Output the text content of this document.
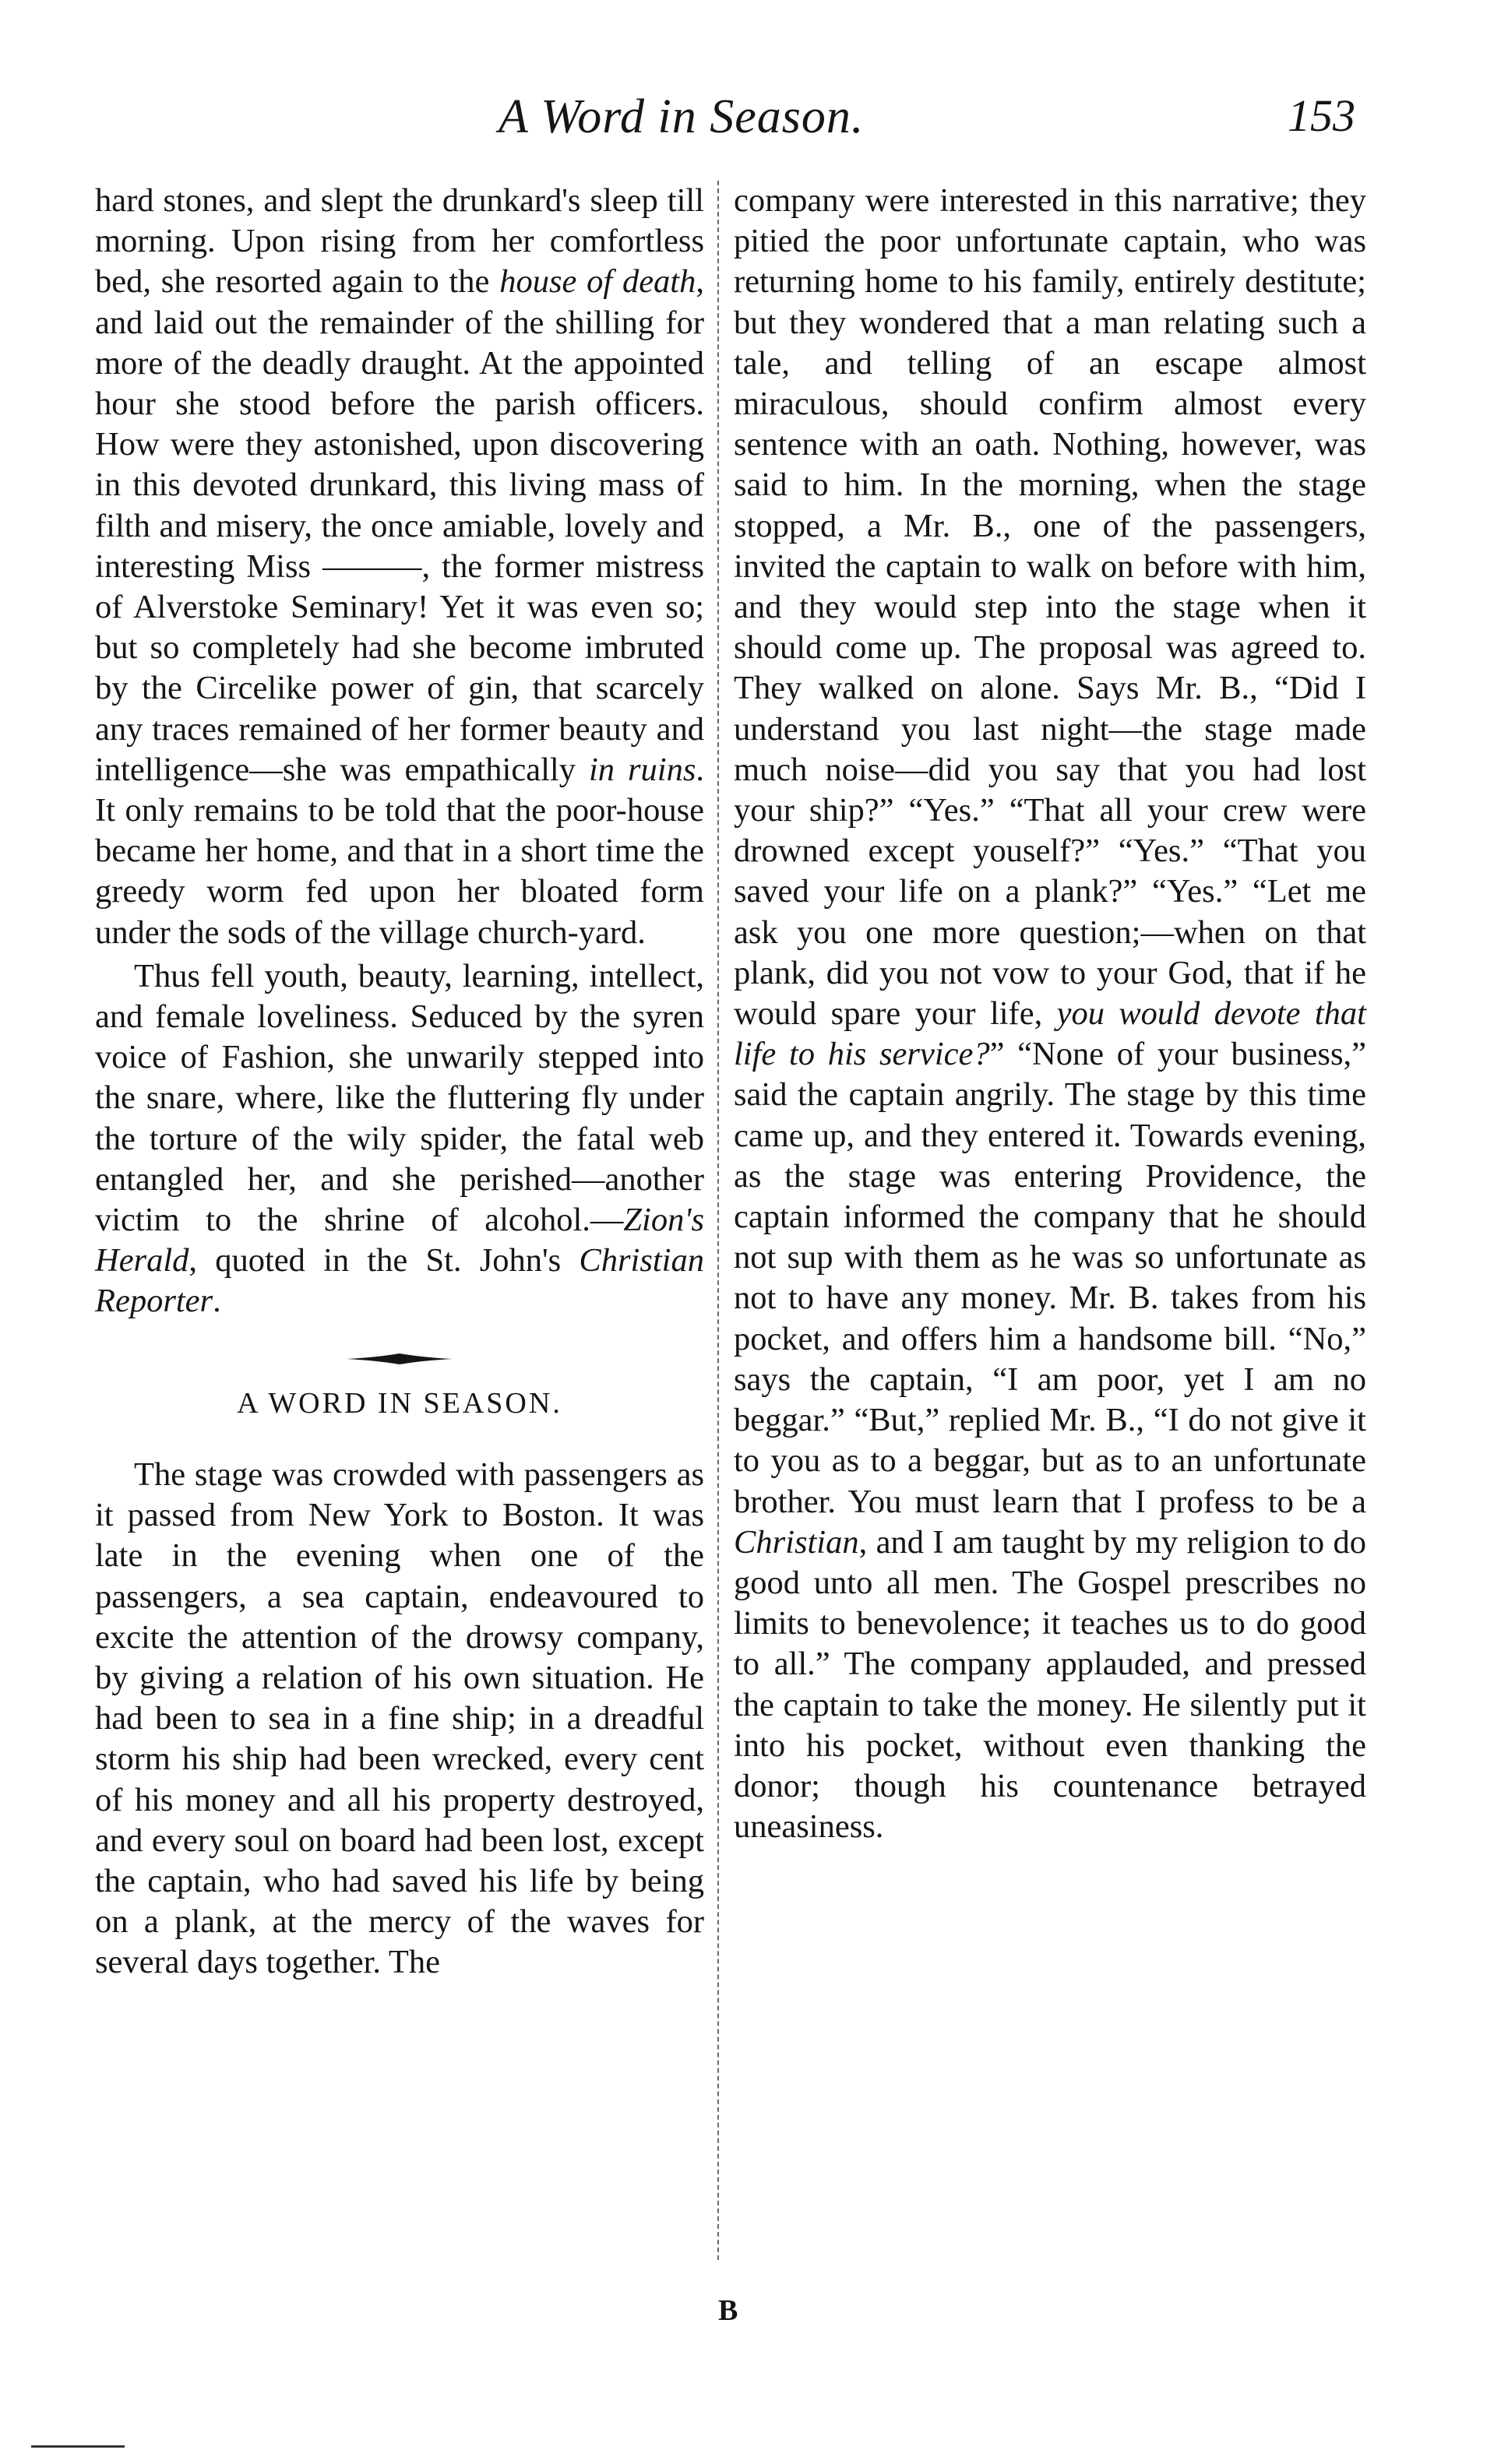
A Word in Season.	153

hard stones, and slept the drunkard's sleep till morning. Upon rising from her comfortless bed, she resorted again to the house of death, and laid out the remainder of the shilling for more of the deadly draught. At the appointed hour she stood before the parish officers. How were they astonished, upon discovering in this devoted drunkard, this living mass of filth and misery, the once amiable, lovely and interesting Miss ———, the former mistress of Alverstoke Seminary! Yet it was even so; but so completely had she become imbruted by the Circelike power of gin, that scarcely any traces remained of her former beauty and intelligence—she was empathically in ruins. It only remains to be told that the poor-house became her home, and that in a short time the greedy worm fed upon her bloated form under the sods of the village church-yard.

Thus fell youth, beauty, learning, intellect, and female loveliness. Seduced by the syren voice of Fashion, she unwarily stepped into the snare, where, like the fluttering fly under the torture of the wily spider, the fatal web entangled her, and she perished—another victim to the shrine of alcohol.—Zion's Herald, quoted in the St. John's Christian Reporter.

A WORD IN SEASON.

The stage was crowded with passengers as it passed from New York to Boston. It was late in the evening when one of the passengers, a sea captain, endeavoured to excite the attention of the drowsy company, by giving a relation of his own situation. He had been to sea in a fine ship; in a dreadful storm his ship had been wrecked, every cent of his money and all his property destroyed, and every soul on board had been lost, except the captain, who had saved his life by being on a plank, at the mercy of the waves for several days together. The

company were interested in this narrative; they pitied the poor unfortunate captain, who was returning home to his family, entirely destitute; but they wondered that a man relating such a tale, and telling of an escape almost miraculous, should confirm almost every sentence with an oath. Nothing, however, was said to him. In the morning, when the stage stopped, a Mr. B., one of the passengers, invited the captain to walk on before with him, and they would step into the stage when it should come up. The proposal was agreed to. They walked on alone. Says Mr. B., “Did I understand you last night—the stage made much noise—did you say that you had lost your ship?” “Yes.” “That all your crew were drowned except youself?” “Yes.” “That you saved your life on a plank?” “Yes.” “Let me ask you one more question;—when on that plank, did you not vow to your God, that if he would spare your life, you would devote that life to his service?” “None of your business,” said the captain angrily. The stage by this time came up, and they entered it. Towards evening, as the stage was entering Providence, the captain informed the company that he should not sup with them as he was so unfortunate as not to have any money. Mr. B. takes from his pocket, and offers him a handsome bill. “No,” says the captain, “I am poor, yet I am no beggar.” “But,” replied Mr. B., “I do not give it to you as to a beggar, but as to an unfortunate brother. You must learn that I profess to be a Christian, and I am taught by my religion to do good unto all men. The Gospel prescribes no limits to benevolence; it teaches us to do good to all.” The company applauded, and pressed the captain to take the money. He silently put it into his pocket, without even thanking the donor; though his countenance betrayed uneasiness.

B
